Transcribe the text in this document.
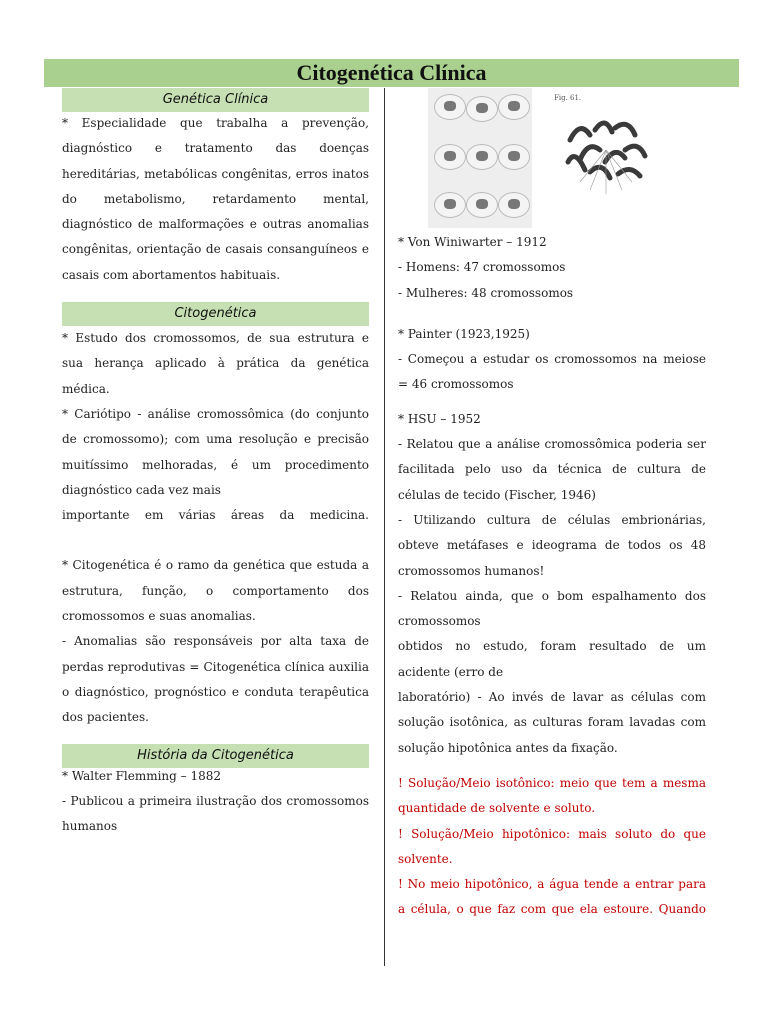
Citogenética Clínica
Genética Clínica

* Especialidade que trabalha a prevenção, diagnóstico e tratamento das doenças hereditárias, metabólicas congênitas, erros inatos do metabolismo, retardamento mental, diagnóstico de malformações e outras anomalias congênitas, orientação de casais consanguíneos e casais com abortamentos habituais.

Citogenética

* Estudo dos cromossomos, de sua estrutura e sua herança aplicado à prática da genética médica.

* Cariótipo - análise cromossômica (do conjunto de cromossomo); com uma resolução e precisão muitíssimo melhoradas, é um procedimento diagnóstico cada vez mais

importante em várias áreas da medicina.

* Citogenética é o ramo da genética que estuda a estrutura, função, o comportamento dos cromossomos e suas anomalias.

- Anomalias são responsáveis por alta taxa de perdas reprodutivas = Citogenética clínica auxilia o diagnóstico, prognóstico e conduta terapêutica dos pacientes.

História da Citogenética

* Walter Flemming – 1882

- Publicou a primeira ilustração dos cromossomos humanos

Fig. 61.

* Von Winiwarter – 1912

- Homens: 47 cromossomos

- Mulheres: 48 cromossomos

* Painter (1923,1925)

- Começou a estudar os cromossomos na meiose = 46 cromossomos

* HSU – 1952

- Relatou que a análise cromossômica poderia ser facilitada pelo uso da técnica de cultura de células de tecido (Fischer, 1946)

- Utilizando cultura de células embrionárias, obteve metáfases e ideograma de todos os 48 cromossomos humanos!

- Relatou ainda, que o bom espalhamento dos cromossomos

obtidos no estudo, foram resultado de um acidente (erro de

laboratório) - Ao invés de lavar as células com solução isotônica, as culturas foram lavadas com solução hipotônica antes da fixação.

! Solução/Meio isotônico: meio que tem a mesma quantidade de solvente e soluto.

! Solução/Meio hipotônico: mais soluto do que solvente.

! No meio hipotônico, a água tende a entrar para a célula, o que faz com que ela estoure. Quando
